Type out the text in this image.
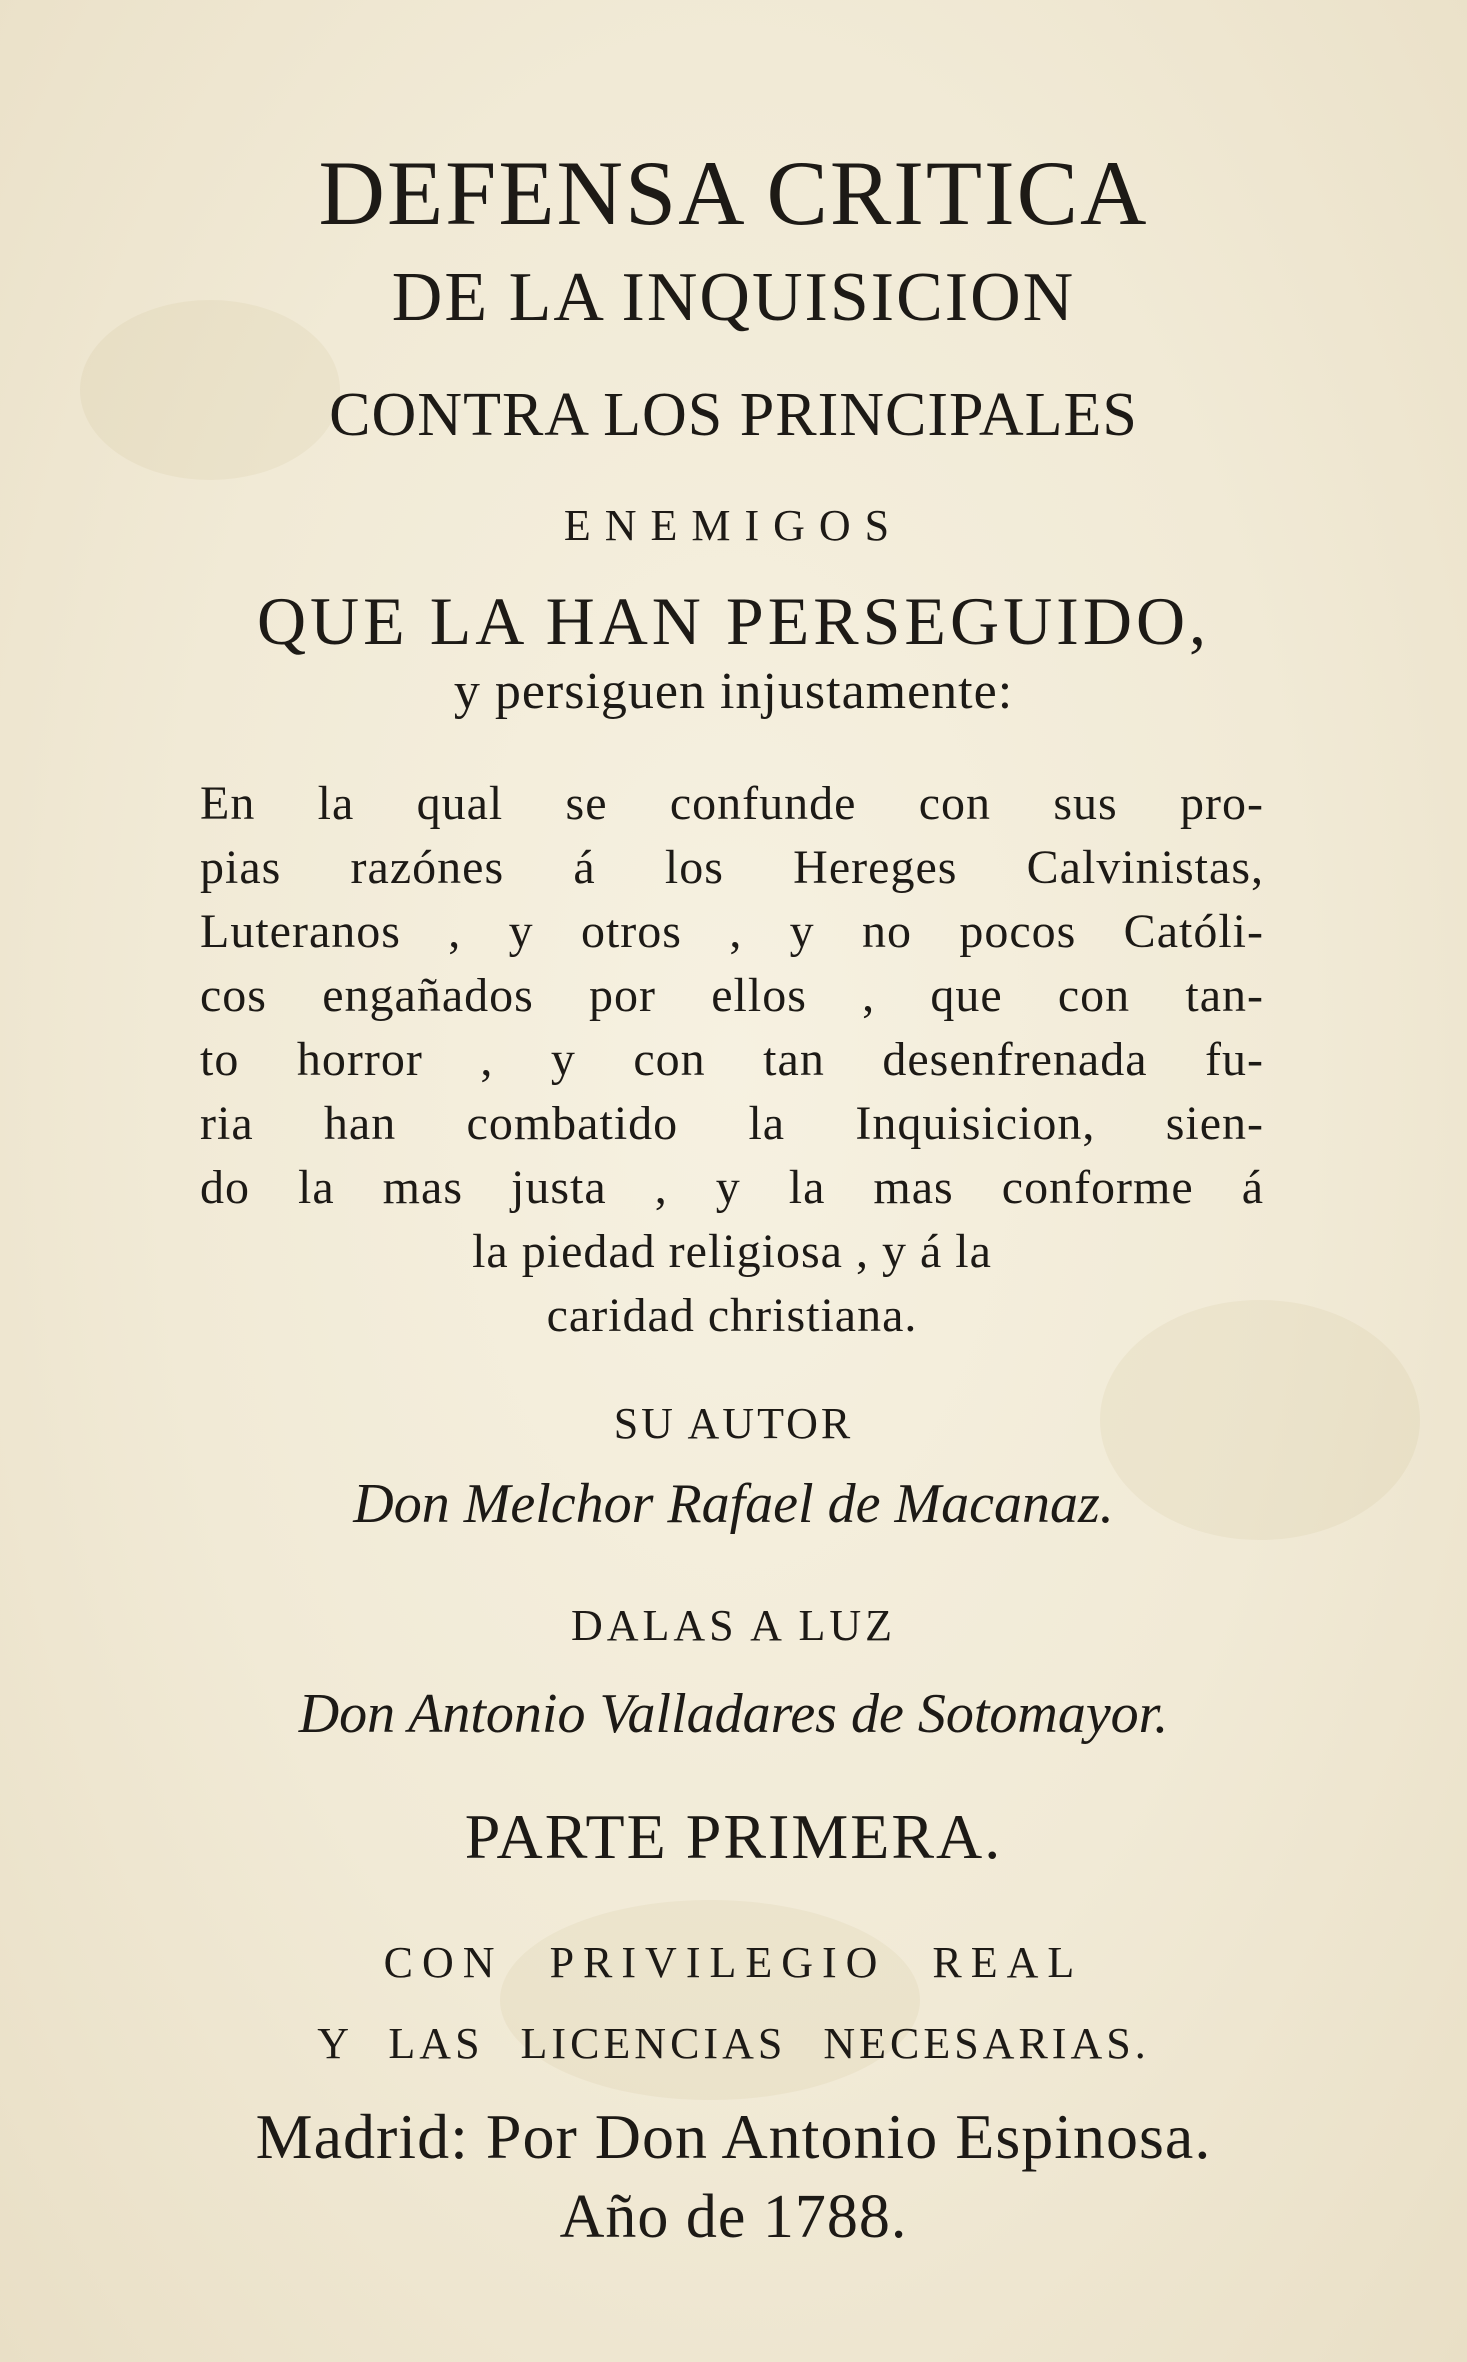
DEFENSA CRITICA
DE LA INQUISICION
CONTRA LOS PRINCIPALES
ENEMIGOS
QUE LA HAN PERSEGUIDO,
y persiguen injustamente:
En la qual se confunde con sus pro-
pias razónes á los Hereges Calvinistas,
Luteranos , y otros , y no pocos Católi-
cos engañados por ellos , que con tan-
to horror , y con tan desenfrenada fu-
ria han combatido la Inquisicion, sien-
do la mas justa , y la mas conforme á
la piedad religiosa , y á la
caridad christiana.
SU AUTOR
Don Melchor Rafael de Macanaz.
DALAS A LUZ
Don Antonio Valladares de Sotomayor.
PARTE PRIMERA.
CON PRIVILEGIO REAL
Y LAS LICENCIAS NECESARIAS.
Madrid: Por Don Antonio Espinosa.
Año de 1788.
